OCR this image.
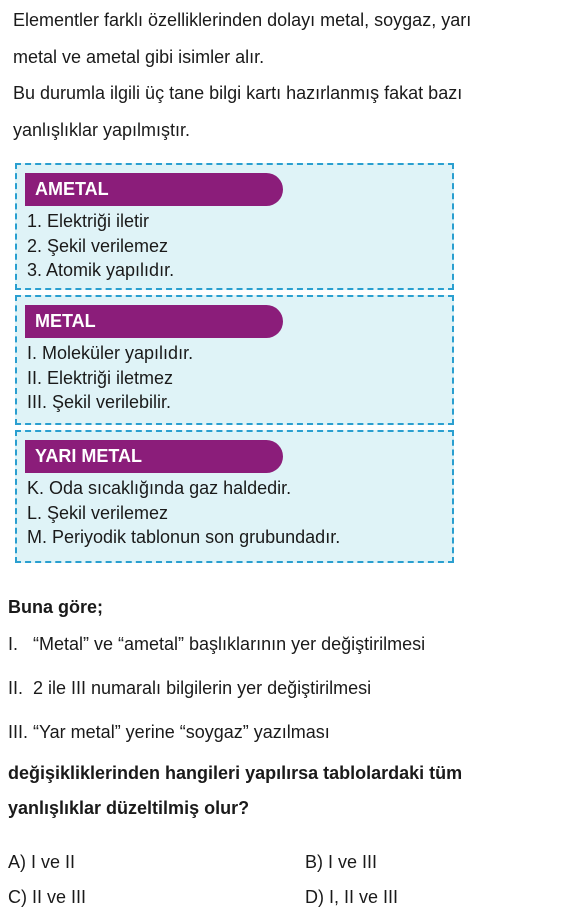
Elementler farklı özelliklerinden dolayı metal, soygaz, yarı

metal ve ametal gibi isimler alır.

Bu durumla ilgili üç tane bilgi kartı hazırlanmış fakat bazı

yanlışlıklar yapılmıştır.

AMETAL
1. Elektriği iletir
2. Şekil verilemez
3. Atomik yapılıdır.
METAL
I. Moleküler yapılıdır.
II. Elektriği iletmez
III. Şekil verilebilir.
YARI METAL
K. Oda sıcaklığında gaz haldedir.
L. Şekil verilemez
M. Periyodik tablonun son grubundadır.

Buna göre;

I.   “Metal” ve “ametal” başlıklarının yer değiştirilmesi

II.  2 ile III numaralı bilgilerin yer değiştirilmesi

III. “Yar metal” yerine “soygaz” yazılması

değişikliklerinden hangileri yapılırsa tablolardaki tüm
yanlışlıklar düzeltilmiş olur?

A) I ve II	B) I ve III
C) II ve III	D) I, II ve III
